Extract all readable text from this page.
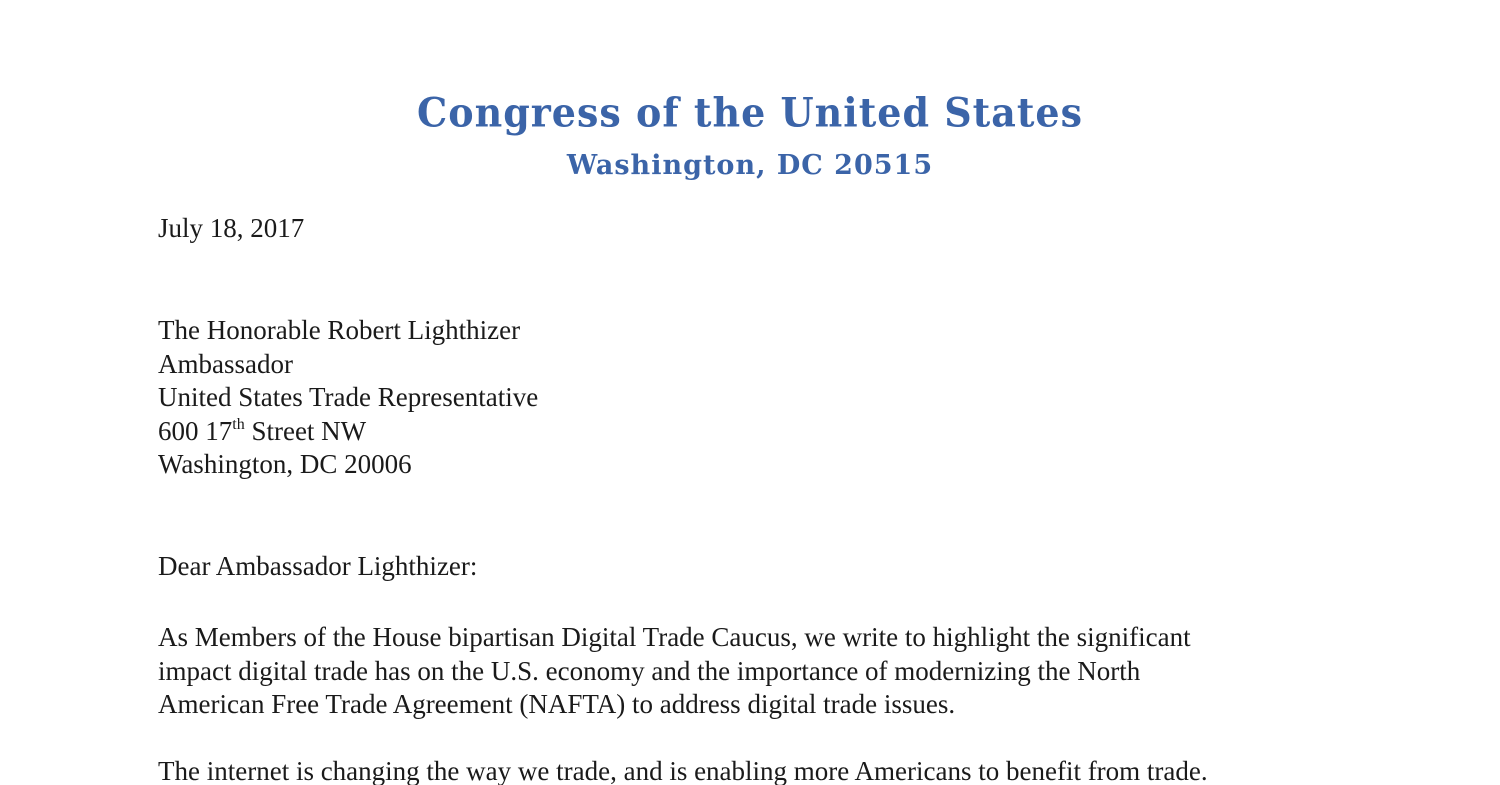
Congress of the United States
Washington, DC 20515
July 18, 2017
The Honorable Robert Lighthizer
Ambassador
United States Trade Representative
600 17th Street NW
Washington, DC 20006
Dear Ambassador Lighthizer:
As Members of the House bipartisan Digital Trade Caucus, we write to highlight the significant
impact digital trade has on the U.S. economy and the importance of modernizing the North
American Free Trade Agreement (NAFTA) to address digital trade issues.
The internet is changing the way we trade, and is enabling more Americans to benefit from trade.
